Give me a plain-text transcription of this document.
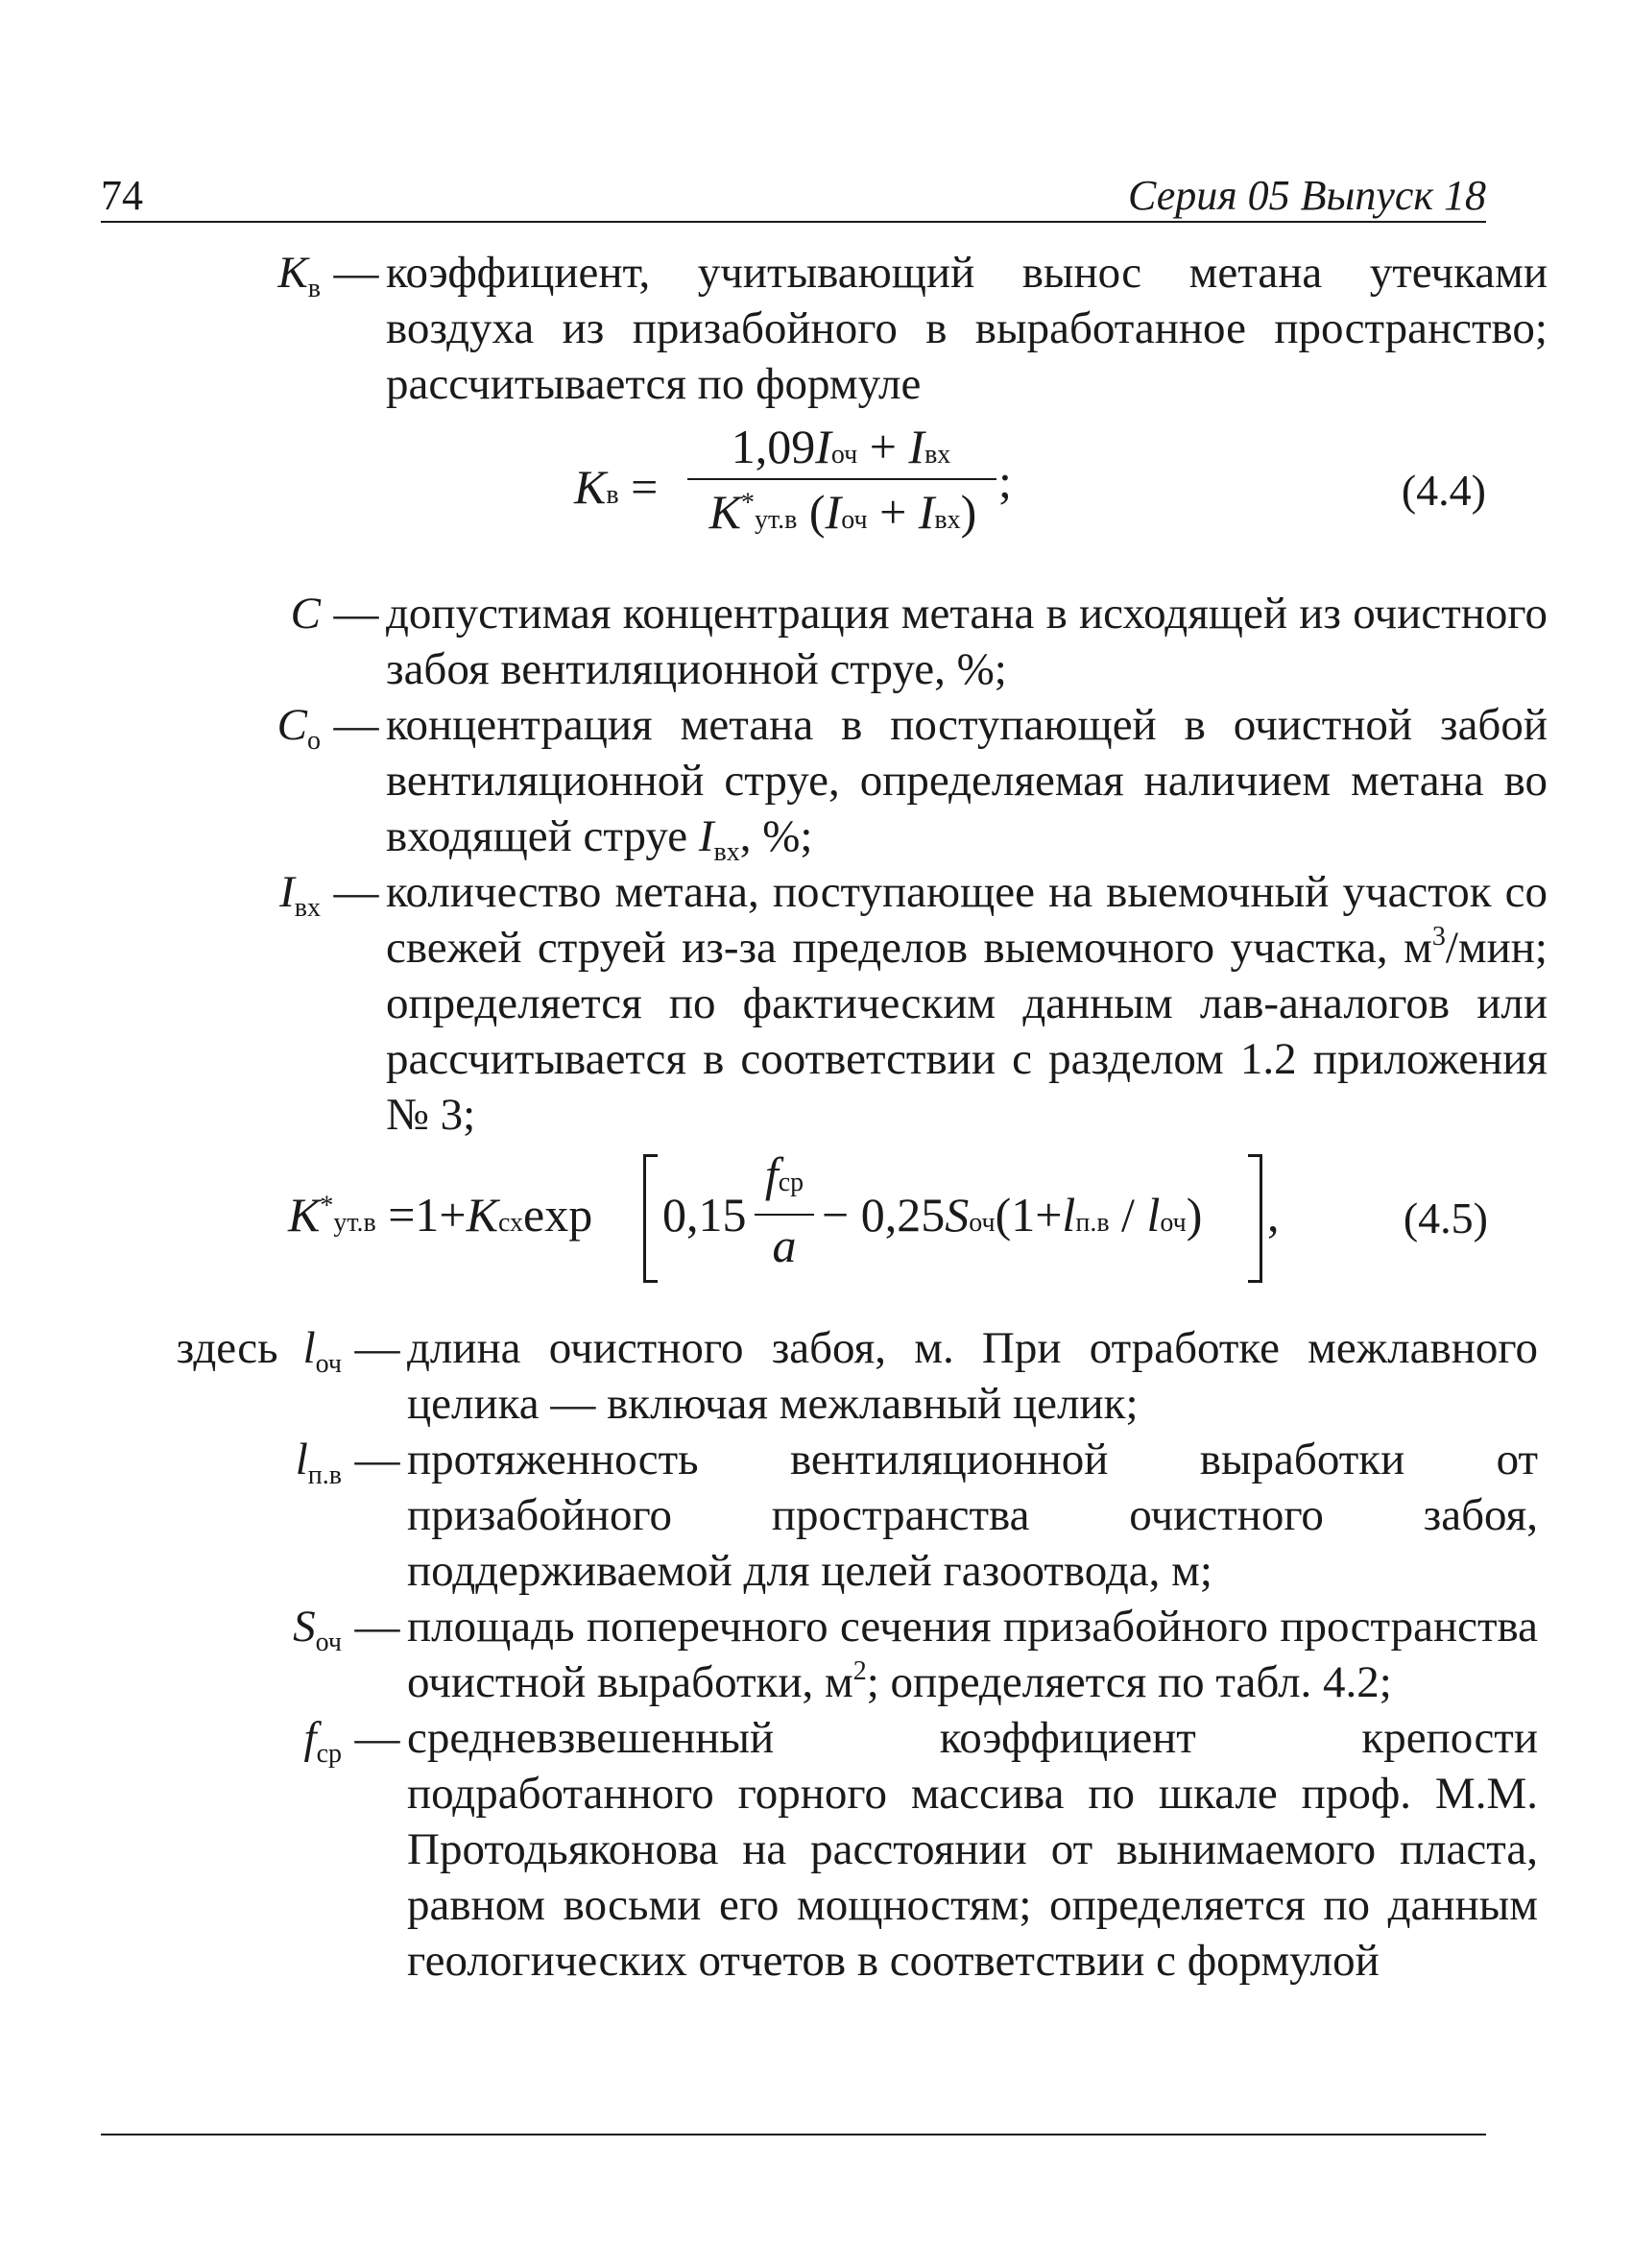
74	Серия 05 Выпуск 18
$K_в$ — коэффициент, учитывающий вынос метана утечками воздуха из призабойного в выработанное пространство; рассчитывается по формуле
Kв =
1,09Iоч + Iвх
K*ут.в (Iоч + Iвх)
;	(4.4)
C — допустимая концентрация метана в исходящей из очистного забоя вентиляционной струе, %;
$C_о$ — концентрация метана в поступающей в очистной забой вентиляционной струе, определяемая наличием метана во входящей струе $I_{вх}$, %;
$I_{вх}$ — количество метана, поступающее на выемочный участок со свежей струей из-за пределов выемочного участка, $м^3$/мин; определяется по фактическим данным лав-аналогов или рассчитывается в соответствии с разделом 1.2 приложения № 3;
K*ут.в =1+Kсхexp 0,15
fср
a
− 0,25Sоч(1+lп.в / lоч) ,	(4.5)
здесь $l_{оч}$ — длина очистного забоя, м. При отработке межлавного целика — включая межлавный целик;
$l_{п.в}$ — протяженность вентиляционной выработки от призабойного пространства очистного забоя, поддерживаемой для целей газоотвода, м;
$S_{оч}$ — площадь поперечного сечения призабойного пространства очистной выработки, $м^2$; определяется по табл. 4.2;
$f_{ср}$ — средневзвешенный коэффициент крепости подработанного горного массива по шкале проф. М.М. Протодьяконова на расстоянии от вынимаемого пласта, равном восьми его мощностям; определяется по данным геологических отчетов в соответствии с формулой
